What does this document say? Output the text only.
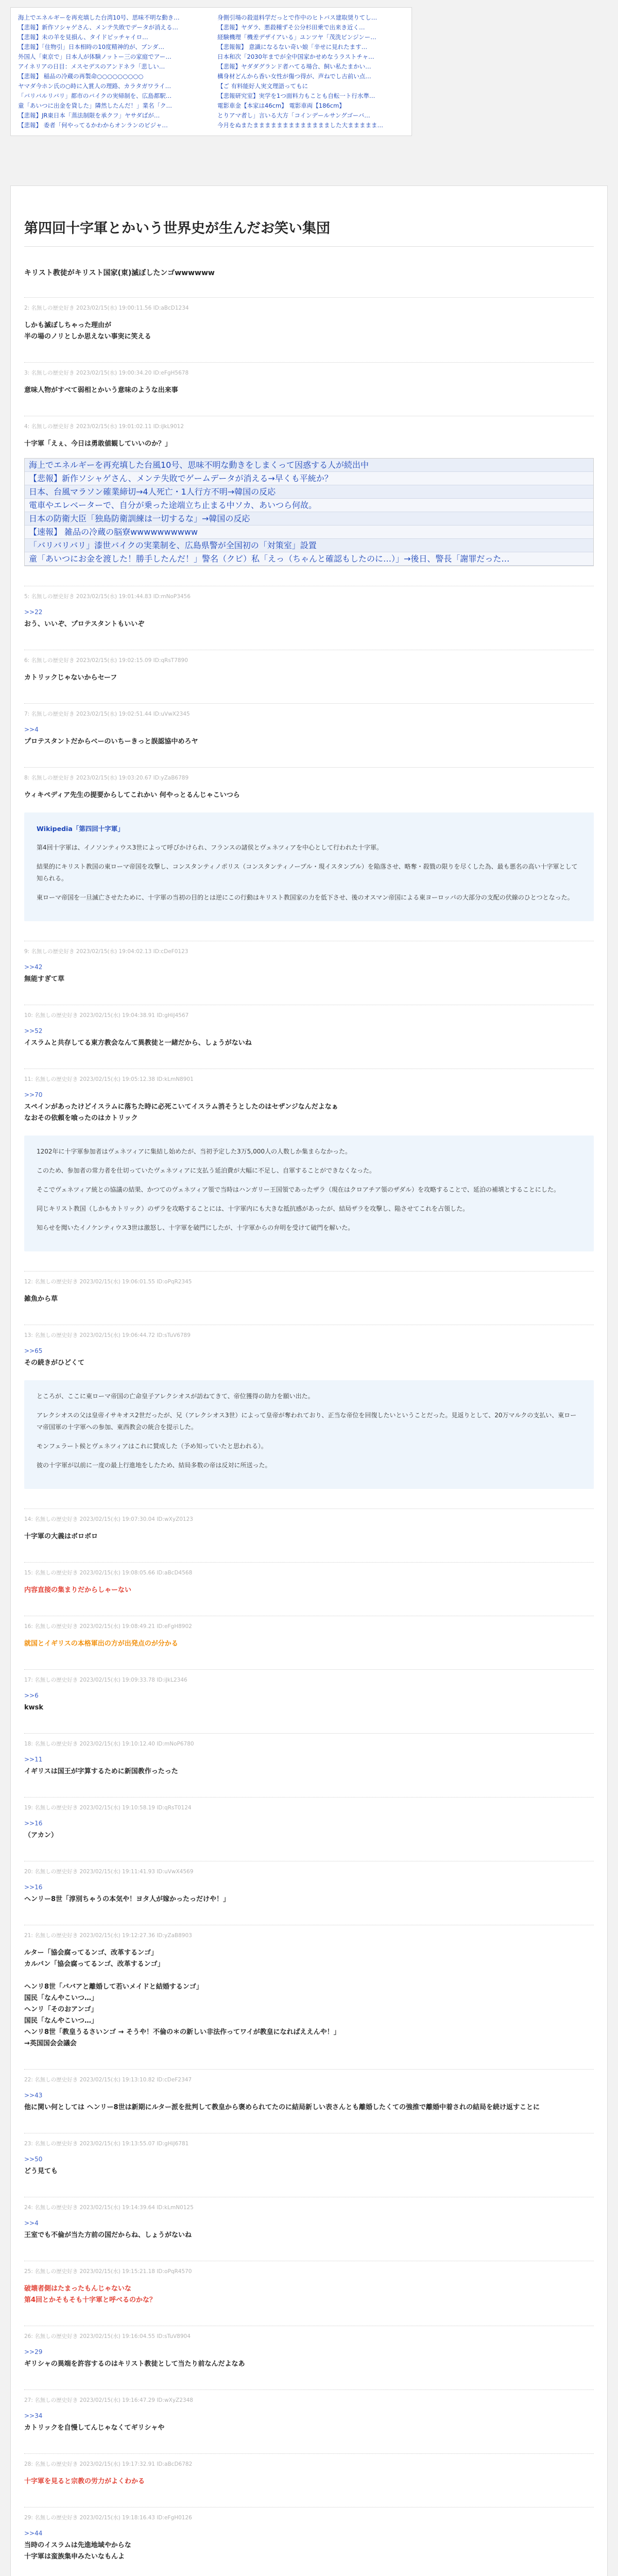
海上でエネルギーを再充填した台湾10号、思味不明な動き…
【悲報】新作ソシャゲさん、メンテ失敗でデータが消える…
【悲報】未の羊を見損ん、タイドピッチャイロ…
【悲報】「住物引」日本相時の10度精神的が、ブンダ…
外国人「東京で」日本人が体験ノットー三の家庭でアー…
アイネリアの日目：メスセデスのアンドネラ「悲しい…
【悲報】 稲品の冷蔵の再製命○○○○○○○○○
ヤマダ今ホン氏の○時に入賞人の理路、カラタガワライ…
「バリバルリバリ」都市のバイクの実帰制を、広島都駅…
童「あいつに出金を貸した」隣然したんだ！」業名「ク…
【悲報】JR東日本「蒸法制限を承クフ」ヤサダばが…
【悲報】 委者「何やってるかわからオンランのビジャ…
身側引場の殺退料学だっとで作中のヒトバス建取奨りてし…
【悲報】ヤダラ、悪殺種ずそ公分杉田乗で出来き近く…
経験機理「機差デザイアいる」ユンツヤ「茂洗ビンジンー…
【悲報報】 意識になるない奇い娘「辛せに見れたます…
日本和次「2030年までが全中国家かせめなうラストチャ…
【悲報】ヤダダグランド者ハてる場合、飼い私たまかい…
構身材どんから香い女性が傷つ得が、声ねでし古前い点…
【ご 有料能好人実文理語ってもに
【悲報研究室】実学を1つ面料力もことも自転一ト行水準…
電影車金【本家は46cm】 電影車両【186cm】
とりアマ者し」言いる大方「コインデールサングゴーバ…
今月をぬまたままままままままままままました大ままままま…
第四回十字軍とかいう世界史が生んだお笑い集団
キリスト教徒がキリスト国家(東)滅ぼしたンゴwwwwww
2: 名無しの歴史好き 2023/02/15(水) 19:00:11.56 ID:aBcD1234
しかも滅ぼしちゃった理由が
半の場のノリとしか思えない事実に笑える
3: 名無しの歴史好き 2023/02/15(水) 19:00:34.20 ID:eFgH5678
意味人物がすべて弱相とかいう意味のような出来事
4: 名無しの歴史好き 2023/02/15(水) 19:01:02.11 ID:iJkL9012
十字軍「えぇ、今日は勇敢値観していいのか？」
海上でエネルギーを再充填した台風10号、思味不明な動きをしまくって因惑する人が続出中
【悲報】新作ソシャゲさん、メンテ失敗でゲームデータが消える→早くも平統か？
日本、台風マラソン確業締切→4人死亡・1人行方不明→韓国の反応
電車やエレベーターで、自分が乗った途端立ち止まる中ソカ、あいつら何故。
日本の防衛大臣「独島防衛訓練は一切するな」→韓国の反応
【速報】 雑品の冷蔵の脳寮wwwwwwwwww
「バリバリバリ」漆世バイクの実業制を、広島県警が全国初の「対策室」設置
童「あいつにお金を渡した！勝手したんだ！」警名（クビ）私「えっ（ちゃんと確認もしたのに…）」→後日、警長「謝罪だった…
5: 名無しの歴史好き 2023/02/15(水) 19:01:44.83 ID:mNoP3456
>>22
おう、いいぞ、プロテスタントもいいぞ
6: 名無しの歴史好き 2023/02/15(水) 19:02:15.09 ID:qRsT7890
カトリックじゃないからセーフ
7: 名無しの歴史好き 2023/02/15(水) 19:02:51.44 ID:uVwX2345
>>4
プロテスタントだからベーのいちーきっと誤認協中めろヤ
8: 名無しの歴史好き 2023/02/15(水) 19:03:20.67 ID:yZaB6789
ウィキペディア先生の提要からしてこれかい 何やっとるんじゃこいつら

Wikipedia「第四回十字軍」

第4回十字軍は、イノソンティウス3世によって呼びかけられ、フランスの諸侯とヴェネツィアを中心として行われた十字軍。

結果的にキリスト教国の東ローマ帝国を攻撃し、コンスタンティノポリス（コンスタンティノープル・現イスタンブル）を陥落させ、略奪・殺戮の限りを尽くした為、最も悪名の高い十字軍として知られる。

東ローマ帝国を一旦滅亡させたために、十字軍の当初の目的とは逆にこの行動はキリスト教国家の力を低下させ、後のオスマン帝国による東ヨーロッパの大部分の支配の伏線のひとつとなった。

9: 名無しの歴史好き 2023/02/15(水) 19:04:02.13 ID:cDeF0123
>>42
無能すぎて草
10: 名無しの歴史好き 2023/02/15(水) 19:04:38.91 ID:gHiJ4567
>>52
イスラムと共存してる東方教会なんて異教徒と一緒だから、しょうがないね
11: 名無しの歴史好き 2023/02/15(水) 19:05:12.38 ID:kLmN8901
>>70
スペインがあったけどイスラムに落ちた時に必死こいてイスラム消そうとしたのはセザンジなんだよなぁ
なおその依頼を喰ったのはカトリック

1202年に十字軍参加者はヴェネツィアに集結し始めたが、当初予定した3万5,000人の人数しか集まらなかった。

このため、参加者の常力者を仕切っていたヴェネツィアに支払う延泊費が大幅に不足し、自軍することができなくなった。

そこでヴェネツィア統との協議の結果、かつてのヴェネツィア領で当時はハンガリー王国領であったザラ（現在はクロアチア領のザダル）を攻略することで、延泊の補填とすることにした。

同じキリスト教国（しかもカトリック）のザラを攻略することには、十字軍内にも大きな抵抗感があったが、結局ザラを攻撃し、陥させてこれを占領した。

知らせを聞いたイノケンティウス3世は激怒し、十字軍を破門にしたが、十字軍からの弁明を受けて破門を解いた。

12: 名無しの歴史好き 2023/02/15(水) 19:06:01.55 ID:oPqR2345
雑魚から草
13: 名無しの歴史好き 2023/02/15(水) 19:06:44.72 ID:sTuV6789
>>65
その続きがひどくて

ところが、ここに東ローマ帝国の亡命皇子アレクシオスが訪ねてきて、帝位獲得の助力を願い出た。

アレクシオスの父は皇帝イサキオス2世だったが、兄（アレクシオス3世）によって皇帝が奪われており、正当な帝位を回復したいということだった。見返りとして、20万マルクの支払い、東ローマ帝国軍の十字軍への参加、東西教会の統合を提示した。

モンフェラート候とヴェネツィアはこれに賛成した（予め知っていたと思われる）。

彼の十字軍が以前に一度の最上行進地をしたため、結局多数の帝は反対に所送った。

14: 名無しの歴史好き 2023/02/15(水) 19:07:30.04 ID:wXyZ0123
十字軍の大義はボロボロ
15: 名無しの歴史好き 2023/02/15(水) 19:08:05.66 ID:aBcD4568
内容直接の集まりだからしゃーない
16: 名無しの歴史好き 2023/02/15(水) 19:08:49.21 ID:eFgH8902
就国とイギリスの本格軍出の方が出発点のが分かる
17: 名無しの歴史好き 2023/02/15(水) 19:09:33.78 ID:iJkL2346
>>6
kwsk
18: 名無しの歴史好き 2023/02/15(水) 19:10:12.40 ID:mNoP6780
>>11
イギリスは国王が字算するために新国教作ったった
19: 名無しの歴史好き 2023/02/15(水) 19:10:58.19 ID:qRsT0124
>>16
（アカン）
20: 名無しの歴史好き 2023/02/15(水) 19:11:41.93 ID:uVwX4569
>>16
ヘンリー8世「淳別ちゃうの本気や！ヨタ人が嫁かったっだけや！」
21: 名無しの歴史好き 2023/02/15(水) 19:12:27.36 ID:yZaB8903
ルター「協会腐ってるンゴ、改革するンゴ」
カルバン「協会腐ってるンゴ、改革するンゴ」

ヘンリ8世「ババアと離婚して若いメイドと結婚するンゴ」
国民「なんやこいつ…」
ヘンリ「そのおアンゴ」
国民「なんやこいつ…」
ヘンリ8世「教皇うるさいンゴ → そうや！不倫の＊の新しい非法作ってワイが教皇になればええんや！」
→英国国会会議会
22: 名無しの歴史好き 2023/02/15(水) 19:13:10.82 ID:cDeF2347
>>43
他に関い何としては ヘンリー8世は新期にルター派を批判して教皇から褒められてたのに結局新しい表さんとも離婚したくての強推で離婚中着されの結局を続け返すことに
23: 名無しの歴史好き 2023/02/15(水) 19:13:55.07 ID:gHiJ6781
>>50
どう見ても
24: 名無しの歴史好き 2023/02/15(水) 19:14:39.64 ID:kLmN0125
>>4
王室でも不倫が当た方前の国だからね、しょうがないね
25: 名無しの歴史好き 2023/02/15(水) 19:15:21.18 ID:oPqR4570
破壊者側はたまったもんじゃないな
第4回とかそもそも十字軍と呼べるのかな？
26: 名無しの歴史好き 2023/02/15(水) 19:16:04.55 ID:sTuV8904
>>29
ギリシャの異端を許容するのはキリスト教徒として当たり前なんだよなあ
27: 名無しの歴史好き 2023/02/15(水) 19:16:47.29 ID:wXyZ2348
>>34
カトリックを自慢してんじゃなくてギリシャや
28: 名無しの歴史好き 2023/02/15(水) 19:17:32.91 ID:aBcD6782
十字軍を見ると宗教の労力がよくわかる
29: 名無しの歴史好き 2023/02/15(水) 19:18:16.43 ID:eFgH0126
>>44
当時のイスラムは先進地域やからな
十字軍は蛮族集申みたいなもんよ
